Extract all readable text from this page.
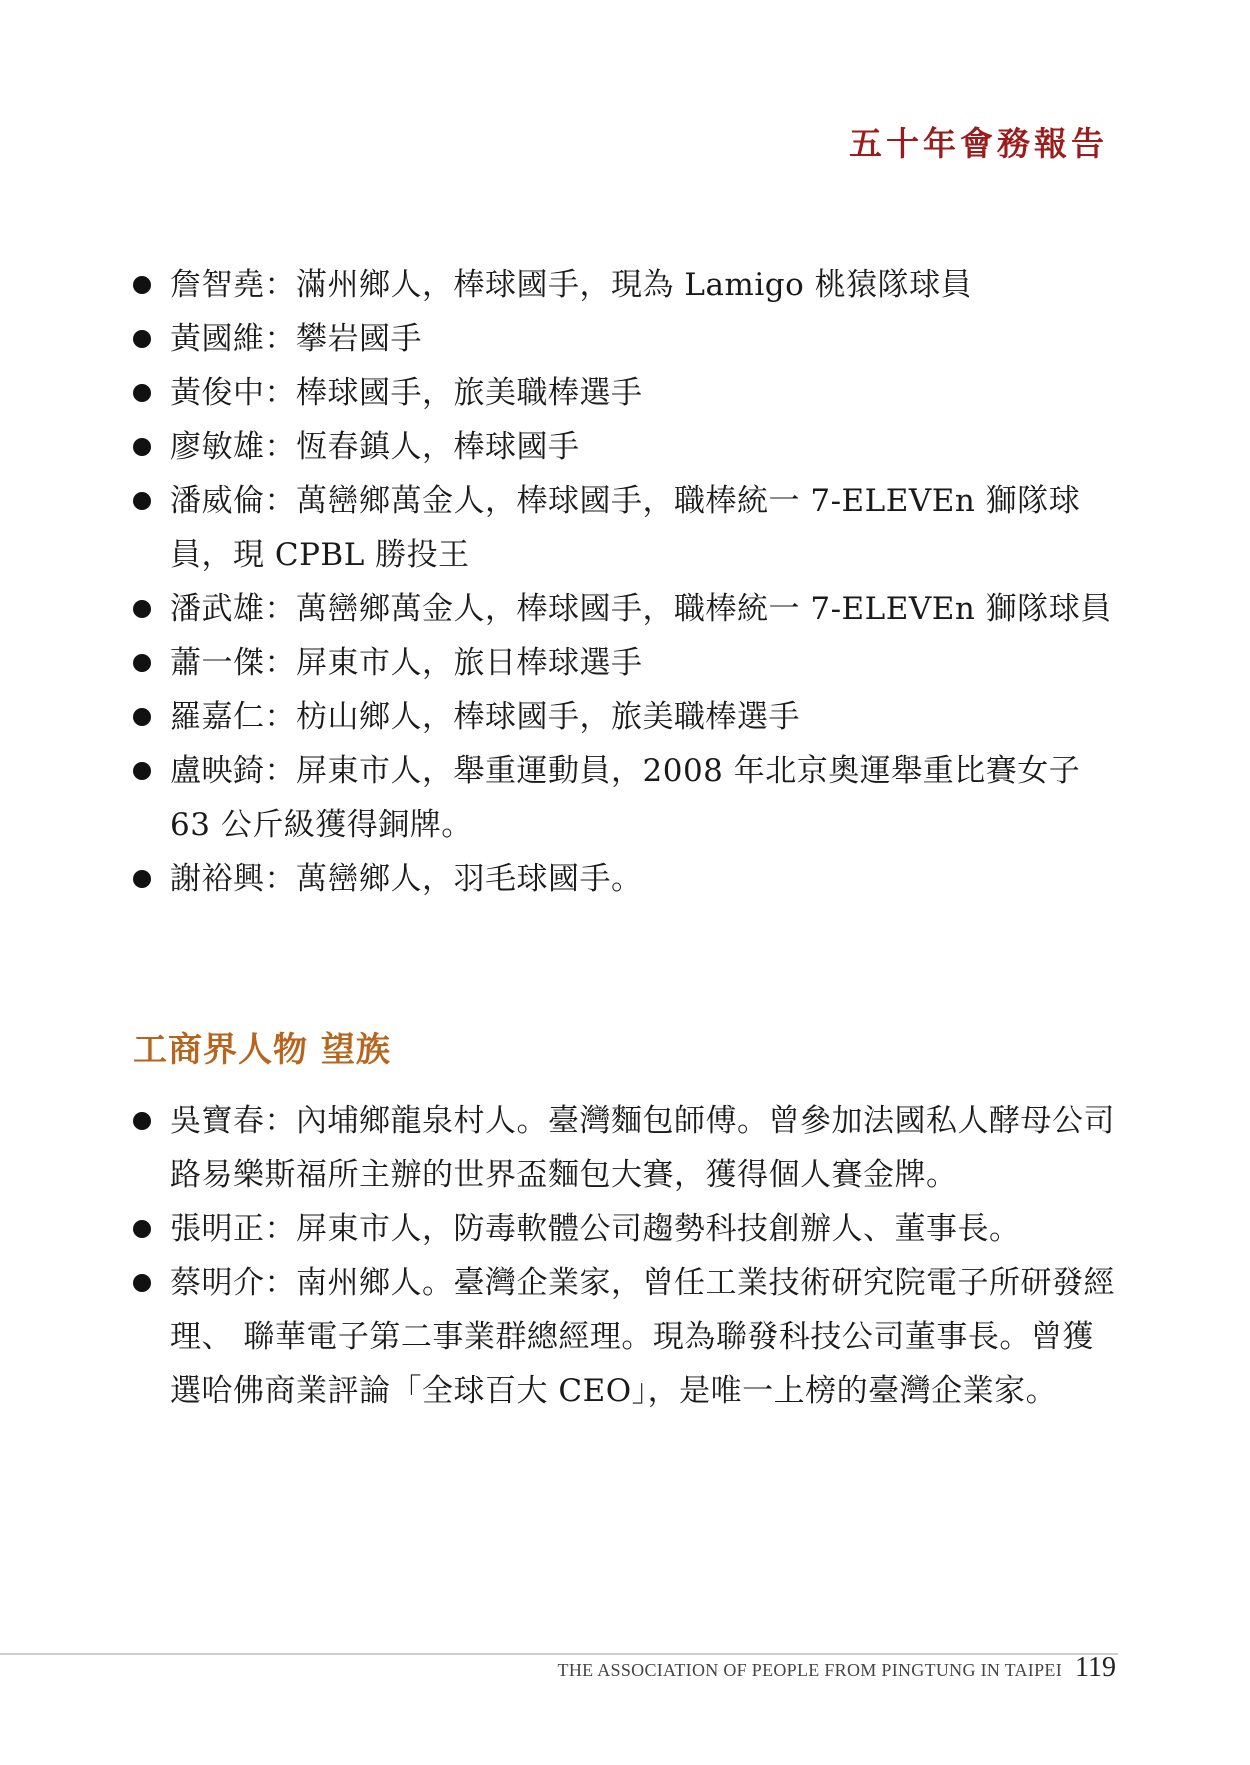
五十年會務報告
詹智堯：滿州鄉人，棒球國手，現為 Lamigo 桃猿隊球員
黃國維：攀岩國手
黃俊中：棒球國手，旅美職棒選手
廖敏雄：恆春鎮人，棒球國手
潘威倫：萬巒鄉萬金人，棒球國手，職棒統一 7-ELEVEn 獅隊球員，現 CPBL 勝投王
潘武雄：萬巒鄉萬金人，棒球國手，職棒統一 7-ELEVEn 獅隊球員
蕭一傑：屏東市人，旅日棒球選手
羅嘉仁：枋山鄉人，棒球國手，旅美職棒選手
盧映錡：屏東市人，舉重運動員，2008 年北京奧運舉重比賽女子 63 公斤級獲得銅牌。
謝裕興：萬巒鄉人，羽毛球國手。
工商界人物 望族
吳寶春：內埔鄉龍泉村人。臺灣麵包師傅。曾參加法國私人酵母公司路易樂斯福所主辦的世界盃麵包大賽，獲得個人賽金牌。
張明正：屏東市人，防毒軟體公司趨勢科技創辦人、董事長。
蔡明介：南州鄉人。臺灣企業家，曾任工業技術研究院電子所研發經理、 聯華電子第二事業群總經理。現為聯發科技公司董事長。曾獲選哈佛商業評論「全球百大 CEO」，是唯一上榜的臺灣企業家。
THE ASSOCIATION OF PEOPLE FROM PINGTUNG IN TAIPEI 119
